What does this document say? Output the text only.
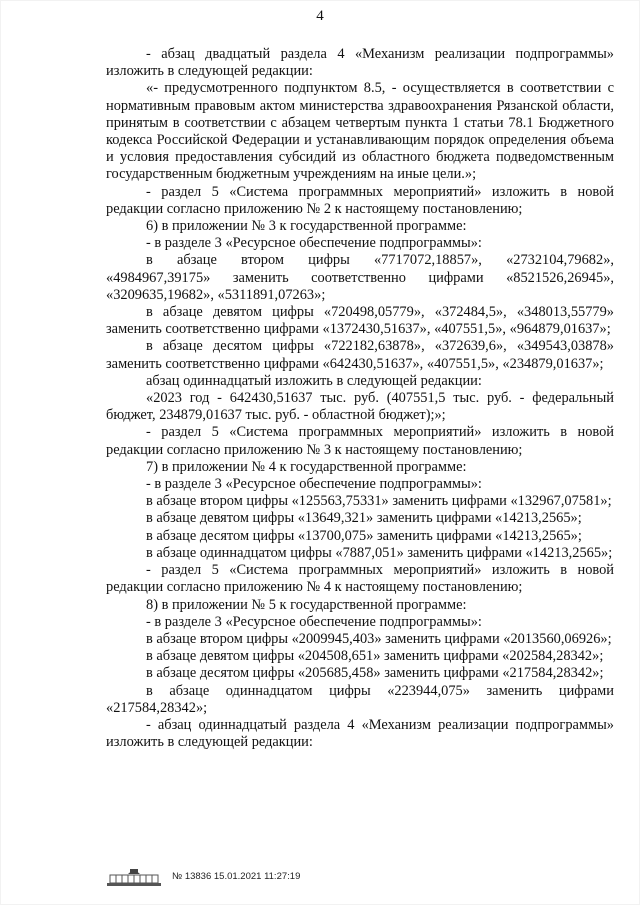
4

- абзац двадцатый раздела 4 «Механизм реализации подпрограммы» изложить в следующей редакции:

«- предусмотренного подпунктом 8.5, - осуществляется в соответствии с нормативным правовым актом министерства здравоохранения Рязанской области, принятым в соответствии с абзацем четвертым пункта 1 статьи 78.1 Бюджетного кодекса Российской Федерации и устанавливающим порядок определения объема и условия предоставления субсидий из областного бюджета подведомственным государственным бюджетным учреждениям на иные цели.»;

- раздел 5 «Система программных мероприятий» изложить в новой редакции согласно приложению № 2 к настоящему постановлению;

6) в приложении № 3 к государственной программе:

- в разделе 3 «Ресурсное обеспечение подпрограммы»:

в абзаце втором цифры «7717072,18857», «2732104,79682», «4984967,39175» заменить соответственно цифрами «8521526,26945», «3209635,19682», «5311891,07263»;

в абзаце девятом цифры «720498,05779», «372484,5», «348013,55779» заменить соответственно цифрами «1372430,51637», «407551,5», «964879,01637»;

в абзаце десятом цифры «722182,63878», «372639,6», «349543,03878» заменить соответственно цифрами «642430,51637», «407551,5», «234879,01637»;

абзац одиннадцатый изложить в следующей редакции:

«2023 год - 642430,51637 тыс. руб. (407551,5 тыс. руб. - федеральный бюджет, 234879,01637 тыс. руб. - областной бюджет);»;

- раздел 5 «Система программных мероприятий» изложить в новой редакции согласно приложению № 3 к настоящему постановлению;

7) в приложении № 4 к государственной программе:

- в разделе 3 «Ресурсное обеспечение подпрограммы»:

в абзаце втором цифры «125563,75331» заменить цифрами «132967,07581»;

в абзаце девятом цифры «13649,321» заменить цифрами «14213,2565»;

в абзаце десятом цифры «13700,075» заменить цифрами «14213,2565»;

в абзаце одиннадцатом цифры «7887,051» заменить цифрами «14213,2565»;

- раздел 5 «Система программных мероприятий» изложить в новой редакции согласно приложению № 4 к настоящему постановлению;

8) в приложении № 5 к государственной программе:

- в разделе 3 «Ресурсное обеспечение подпрограммы»:

в абзаце втором цифры «2009945,403» заменить цифрами «2013560,06926»;

в абзаце девятом цифры «204508,651» заменить цифрами «202584,28342»;

в абзаце десятом цифры «205685,458» заменить цифрами «217584,28342»;

в абзаце одиннадцатом цифры «223944,075» заменить цифрами «217584,28342»;

- абзац одиннадцатый раздела 4 «Механизм реализации подпрограммы» изложить в следующей редакции:

№ 13836 15.01.2021 11:27:19
